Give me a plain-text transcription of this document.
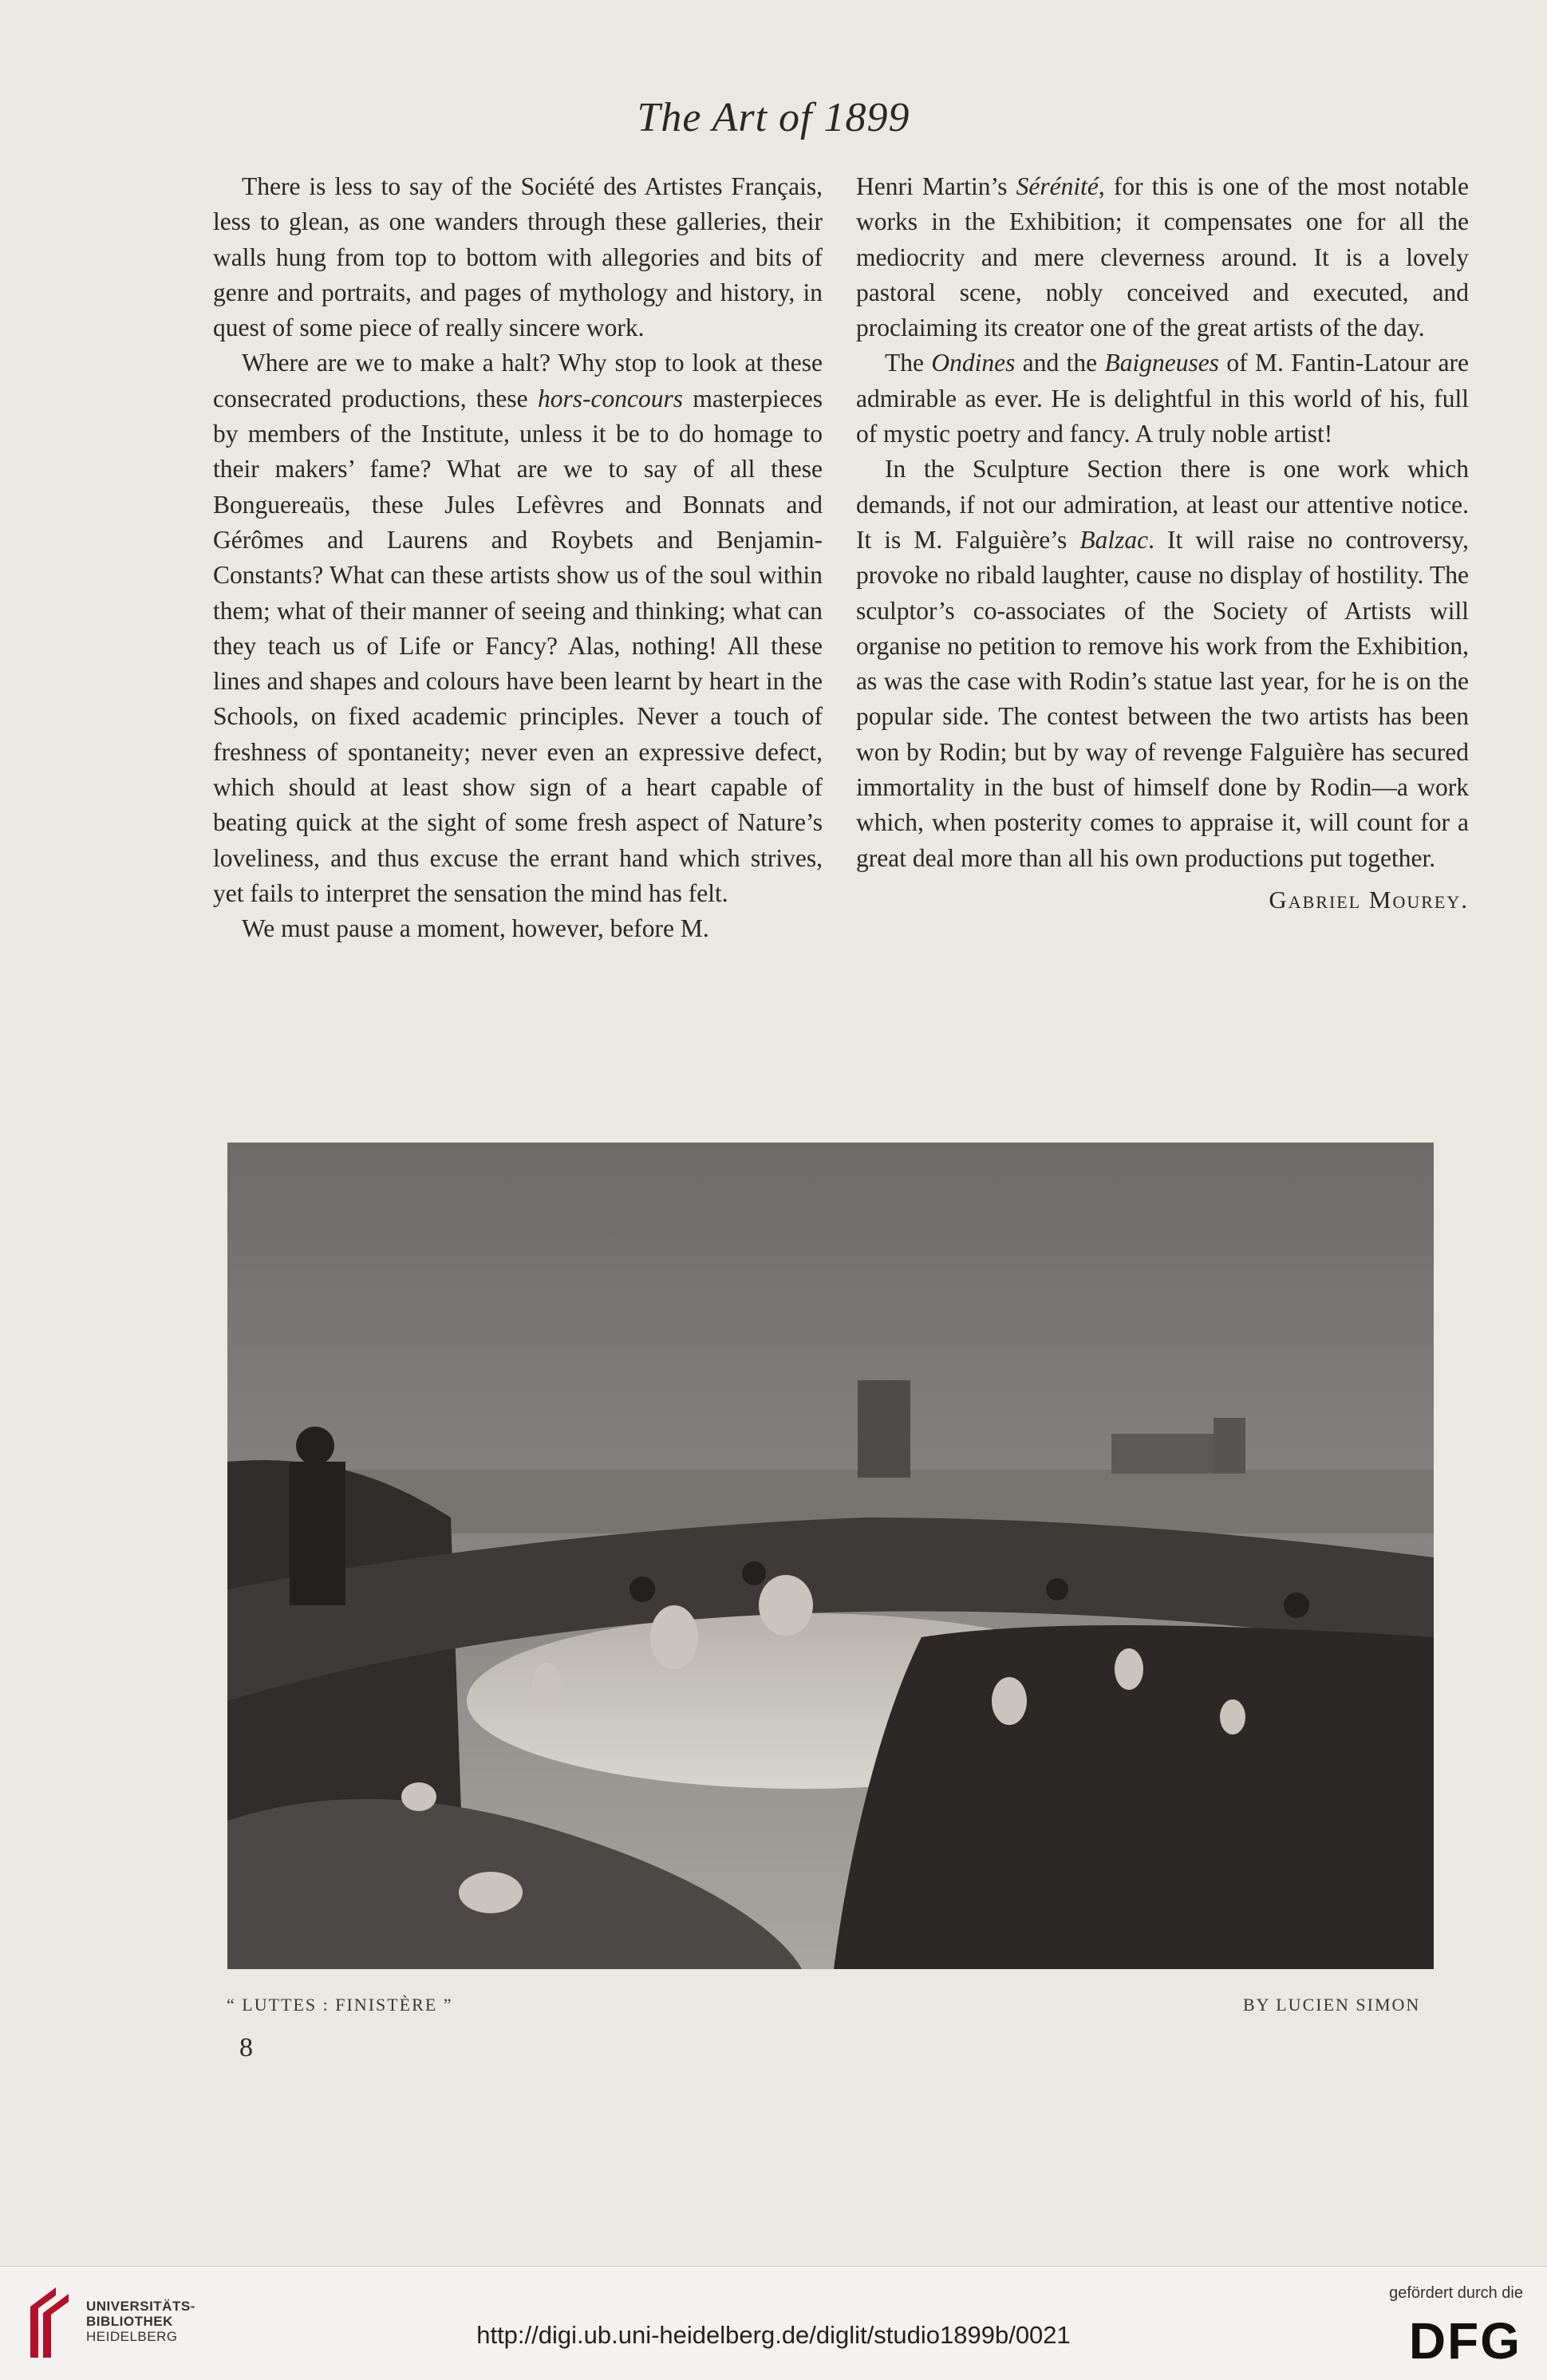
The Art of 1899

There is less to say of the Société des Artistes Français, less to glean, as one wanders through these galleries, their walls hung from top to bottom with allegories and bits of genre and portraits, and pages of mythology and history, in quest of some piece of really sincere work.

Where are we to make a halt? Why stop to look at these consecrated productions, these hors-concours masterpieces by members of the Institute, unless it be to do homage to their makers’ fame? What are we to say of all these Bonguereaüs, these Jules Lefèvres and Bonnats and Gérômes and Laurens and Roybets and Benjamin-Constants? What can these artists show us of the soul within them; what of their manner of seeing and thinking; what can they teach us of Life or Fancy? Alas, nothing! All these lines and shapes and colours have been learnt by heart in the Schools, on fixed academic principles. Never a touch of freshness of spontaneity; never even an expressive defect, which should at least show sign of a heart capable of beating quick at the sight of some fresh aspect of Nature’s loveliness, and thus excuse the errant hand which strives, yet fails to interpret the sensation the mind has felt.

We must pause a moment, however, before M.

Henri Martin’s Sérénité, for this is one of the most notable works in the Exhibition; it compensates one for all the mediocrity and mere cleverness around. It is a lovely pastoral scene, nobly conceived and executed, and proclaiming its creator one of the great artists of the day.

The Ondines and the Baigneuses of M. Fantin-Latour are admirable as ever. He is delightful in this world of his, full of mystic poetry and fancy. A truly noble artist!

In the Sculpture Section there is one work which demands, if not our admiration, at least our attentive notice. It is M. Falguière’s Balzac. It will raise no controversy, provoke no ribald laughter, cause no display of hostility. The sculptor’s co-associates of the Society of Artists will organise no petition to remove his work from the Exhibition, as was the case with Rodin’s statue last year, for he is on the popular side. The contest between the two artists has been won by Rodin; but by way of revenge Falguière has secured immortality in the bust of himself done by Rodin—a work which, when posterity comes to appraise it, will count for a great deal more than all his own productions put together.

Gabriel Mourey.
“ LUTTES : FINISTÈRE ”	BY LUCIEN SIMON
8
UNIVERSITÄTS-
BIBLIOTHEK
HEIDELBERG	http://digi.ub.uni-heidelberg.de/diglit/studio1899b/0021
gefördert durch die
DFG
